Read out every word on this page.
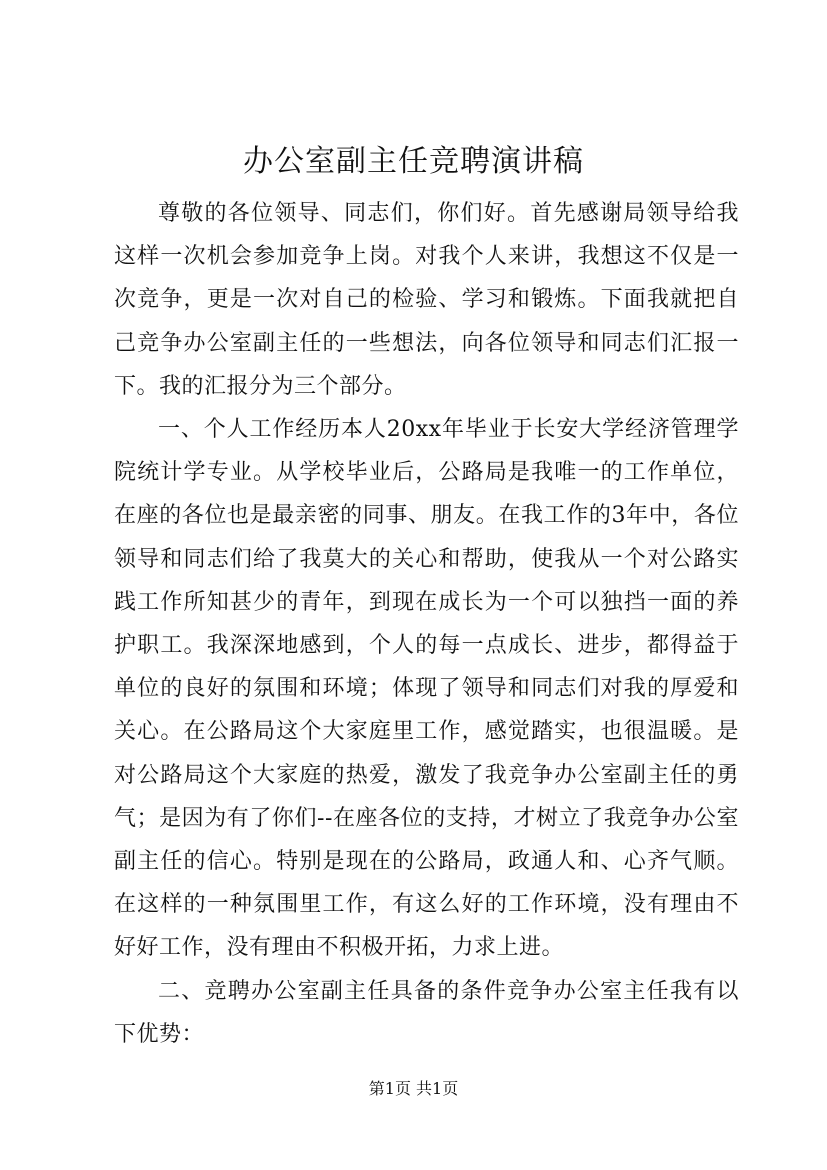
办公室副主任竞聘演讲稿

尊敬的各位领导、同志们，你们好。首先感谢局领导给我这样一次机会参加竞争上岗。对我个人来讲，我想这不仅是一次竞争，更是一次对自己的检验、学习和锻炼。下面我就把自己竞争办公室副主任的一些想法，向各位领导和同志们汇报一下。我的汇报分为三个部分。

一、个人工作经历本人20xx年毕业于长安大学经济管理学院统计学专业。从学校毕业后，公路局是我唯一的工作单位，在座的各位也是最亲密的同事、朋友。在我工作的3年中，各位领导和同志们给了我莫大的关心和帮助，使我从一个对公路实践工作所知甚少的青年，到现在成长为一个可以独挡一面的养护职工。我深深地感到，个人的每一点成长、进步，都得益于单位的良好的氛围和环境；体现了领导和同志们对我的厚爱和关心。在公路局这个大家庭里工作，感觉踏实，也很温暖。是对公路局这个大家庭的热爱，激发了我竞争办公室副主任的勇气；是因为有了你们--在座各位的支持，才树立了我竞争办公室副主任的信心。特别是现在的公路局，政通人和、心齐气顺。在这样的一种氛围里工作，有这么好的工作环境，没有理由不好好工作，没有理由不积极开拓，力求上进。

二、竞聘办公室副主任具备的条件竞争办公室主任我有以下优势：

第1页 共1页
